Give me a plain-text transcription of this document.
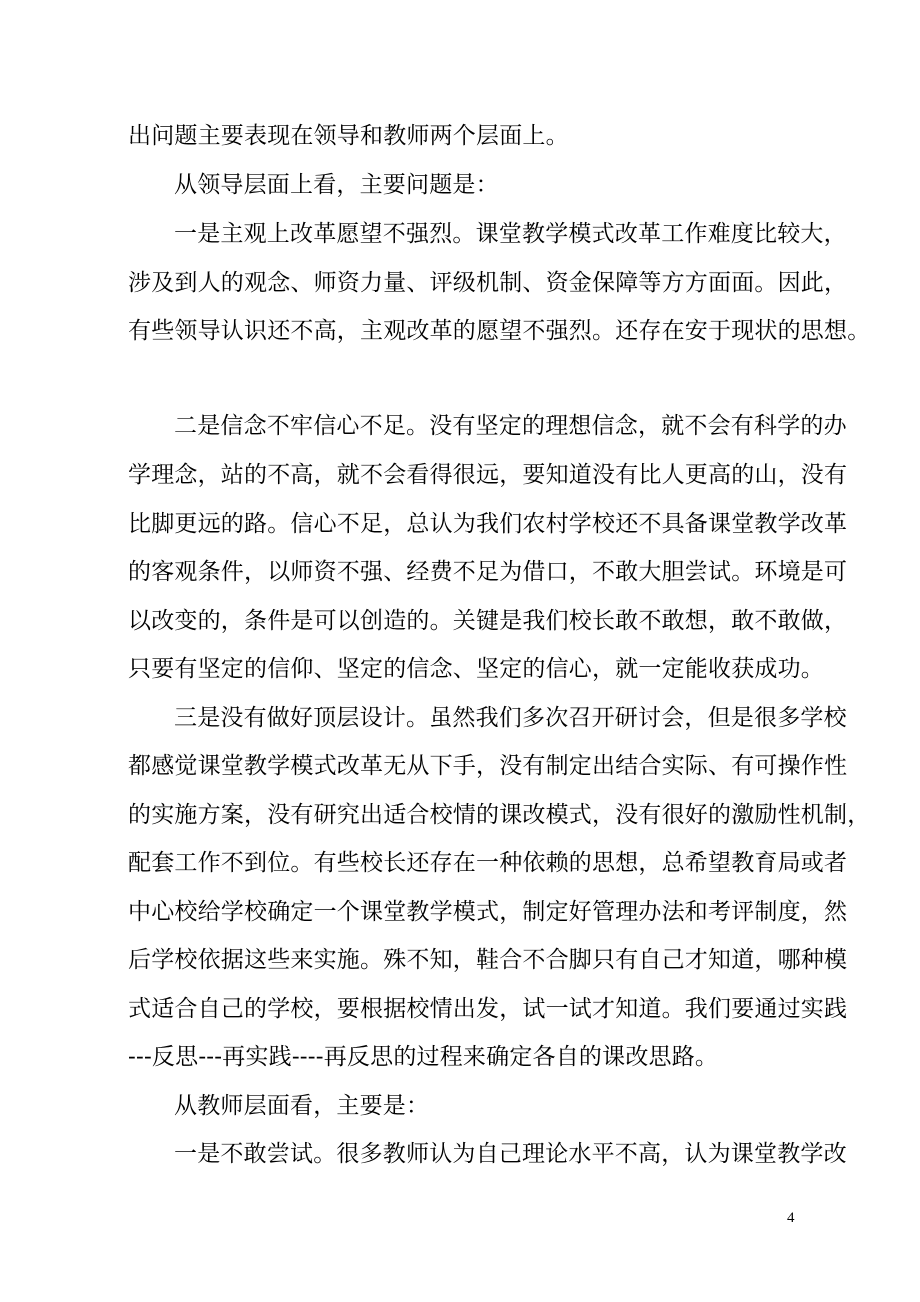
出问题主要表现在领导和教师两个层面上。
从领导层面上看，主要问题是：
一是主观上改革愿望不强烈。课堂教学模式改革工作难度比较大，
涉及到人的观念、师资力量、评级机制、资金保障等方方面面。因此，
有些领导认识还不高，主观改革的愿望不强烈。还存在安于现状的思想。
二是信念不牢信心不足。没有坚定的理想信念，就不会有科学的办
学理念，站的不高，就不会看得很远，要知道没有比人更高的山，没有
比脚更远的路。信心不足，总认为我们农村学校还不具备课堂教学改革
的客观条件，以师资不强、经费不足为借口，不敢大胆尝试。环境是可
以改变的，条件是可以创造的。关键是我们校长敢不敢想，敢不敢做，
只要有坚定的信仰、坚定的信念、坚定的信心，就一定能收获成功。
三是没有做好顶层设计。虽然我们多次召开研讨会，但是很多学校
都感觉课堂教学模式改革无从下手，没有制定出结合实际、有可操作性
的实施方案，没有研究出适合校情的课改模式，没有很好的激励性机制，
配套工作不到位。有些校长还存在一种依赖的思想，总希望教育局或者
中心校给学校确定一个课堂教学模式，制定好管理办法和考评制度，然
后学校依据这些来实施。殊不知，鞋合不合脚只有自己才知道，哪种模
式适合自己的学校，要根据校情出发，试一试才知道。我们要通过实践
---反思---再实践----再反思的过程来确定各自的课改思路。
从教师层面看，主要是：
一是不敢尝试。很多教师认为自己理论水平不高，认为课堂教学改
4
